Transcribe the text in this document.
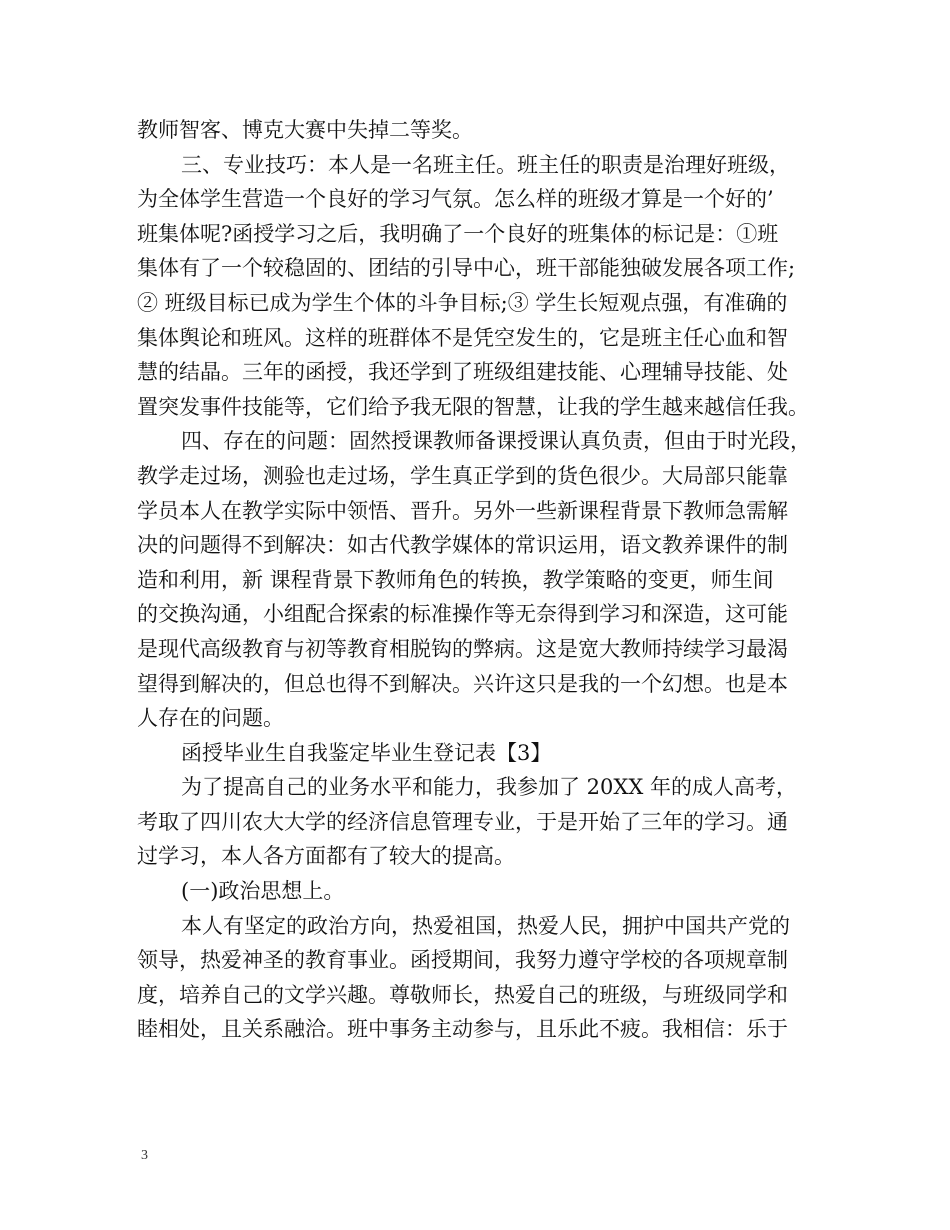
教师智客、博克大赛中失掉二等奖。
三、专业技巧：本人是一名班主任。班主任的职责是治理好班级，
为全体学生营造一个良好的学习气氛。怎么样的班级才算是一个好的’
班集体呢?函授学习之后，我明确了一个良好的班集体的标记是：①班
集体有了一个较稳固的、团结的引导中心，班干部能独破发展各项工作;
② 班级目标已成为学生个体的斗争目标;③ 学生长短观点强，有准确的
集体舆论和班风。这样的班群体不是凭空发生的，它是班主任心血和智
慧的结晶。三年的函授，我还学到了班级组建技能、心理辅导技能、处
置突发事件技能等，它们给予我无限的智慧，让我的学生越来越信任我。
四、存在的问题：固然授课教师备课授课认真负责，但由于时光段，
教学走过场，测验也走过场，学生真正学到的货色很少。大局部只能靠
学员本人在教学实际中领悟、晋升。另外一些新课程背景下教师急需解
决的问题得不到解决：如古代教学媒体的常识运用，语文教养课件的制
造和利用，新 课程背景下教师角色的转换，教学策略的变更，师生间
的交换沟通，小组配合探索的标准操作等无奈得到学习和深造，这可能
是现代高级教育与初等教育相脱钩的弊病。这是宽大教师持续学习最渴
望得到解决的，但总也得不到解决。兴许这只是我的一个幻想。也是本
人存在的问题。
函授毕业生自我鉴定毕业生登记表【3】
为了提高自己的业务水平和能力，我参加了 20XX 年的成人高考，
考取了四川农大大学的经济信息管理专业，于是开始了三年的学习。通
过学习，本人各方面都有了较大的提高。
(一)政治思想上。
本人有坚定的政治方向，热爱祖国，热爱人民，拥护中国共产党的
领导，热爱神圣的教育事业。函授期间，我努力遵守学校的各项规章制
度，培养自己的文学兴趣。尊敬师长，热爱自己的班级，与班级同学和
睦相处，且关系融洽。班中事务主动参与，且乐此不疲。我相信：乐于
3
